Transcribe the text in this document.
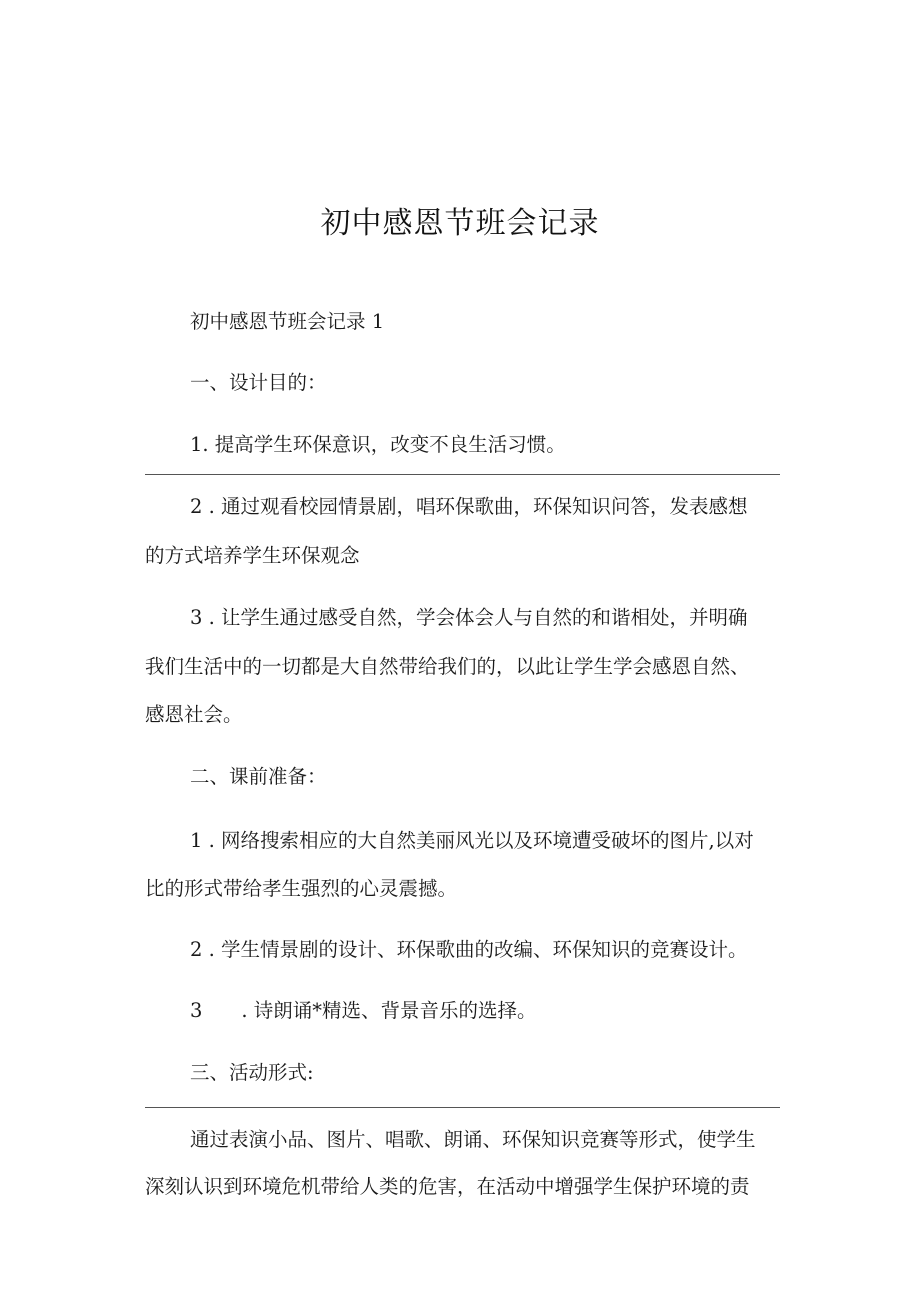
初中感恩节班会记录
初中感恩节班会记录 1
一、设计目的：
1. 提高学生环保意识，改变不良生活习惯。
2 . 通过观看校园情景剧，唱环保歌曲，环保知识问答，发表感想
的方式培养学生环保观念
3 . 让学生通过感受自然，学会体会人与自然的和谐相处，并明确
我们生活中的一切都是大自然带给我们的，以此让学生学会感恩自然、
感恩社会。
二、课前准备：
1 . 网络搜索相应的大自然美丽风光以及环境遭受破坏的图片,以对
比的形式带给孝生强烈的心灵震撼。
2 . 学生情景剧的设计、环保歌曲的改编、环保知识的竞赛设计。
3　　. 诗朗诵*精选、背景音乐的选择。
三、活动形式:
通过表演小品、图片、唱歌、朗诵、环保知识竞赛等形式，使学生
深刻认识到环境危机带给人类的危害，在活动中增强学生保护环境的责
